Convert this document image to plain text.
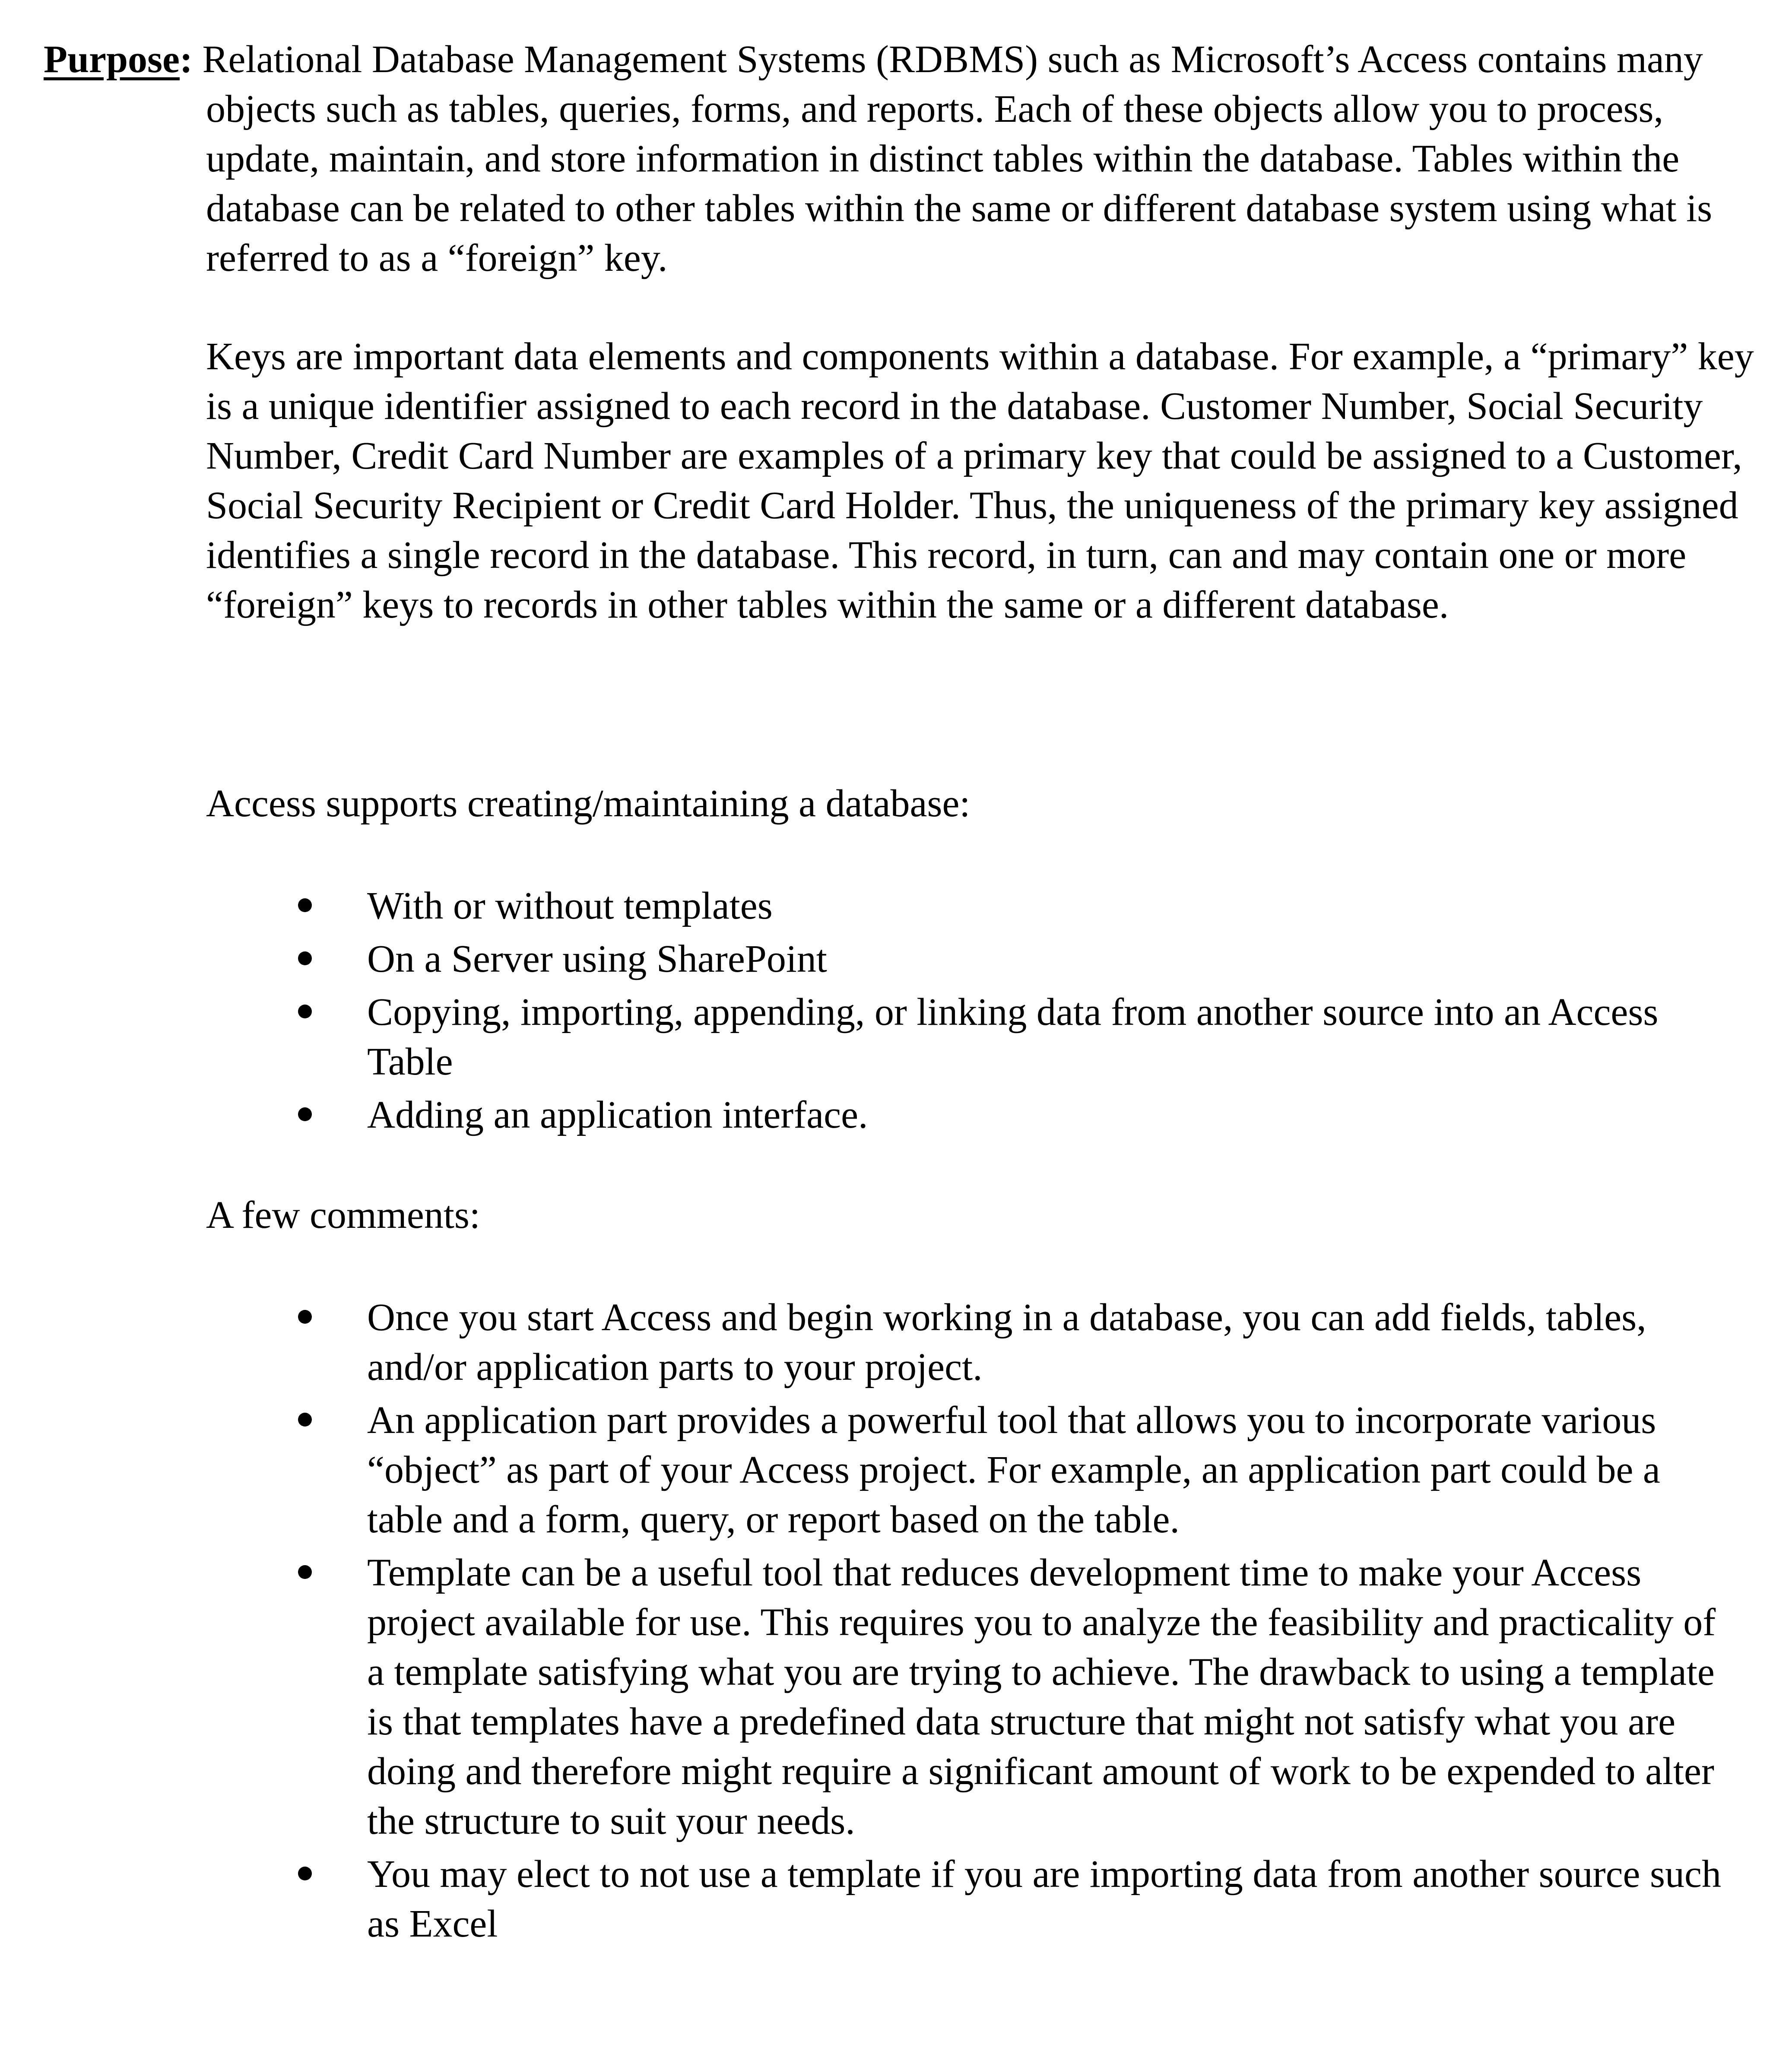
Purpose: Relational Database Management Systems (RDBMS) such as Microsoft’s Access contains many objects such as tables, queries, forms, and reports. Each of these objects allow you to process, update, maintain, and store information in distinct tables within the database. Tables within the database can be related to other tables within the same or different database system using what is referred to as a “foreign” key.

Keys are important data elements and components within a database. For example, a “primary” key is a unique identifier assigned to each record in the database. Customer Number, Social Security Number, Credit Card Number are examples of a primary key that could be assigned to a Customer, Social Security Recipient or Credit Card Holder. Thus, the uniqueness of the primary key assigned identifies a single record in the database. This record, in turn, can and may contain one or more “foreign” keys to records in other tables within the same or a different database.

Access supports creating/maintaining a database:

With or without templates
On a Server using SharePoint
Copying, importing, appending, or linking data from another source into an Access Table
Adding an application interface.

A few comments:

Once you start Access and begin working in a database, you can add fields, tables, and/or application parts to your project.
An application part provides a powerful tool that allows you to incorporate various “object” as part of your Access project. For example, an application part could be a table and a form, query, or report based on the table.
Template can be a useful tool that reduces development time to make your Access project available for use. This requires you to analyze the feasibility and practicality of a template satisfying what you are trying to achieve. The drawback to using a template is that templates have a predefined data structure that might not satisfy what you are doing and therefore might require a significant amount of work to be expended to alter the structure to suit your needs.
You may elect to not use a template if you are importing data from another source such as Excel
